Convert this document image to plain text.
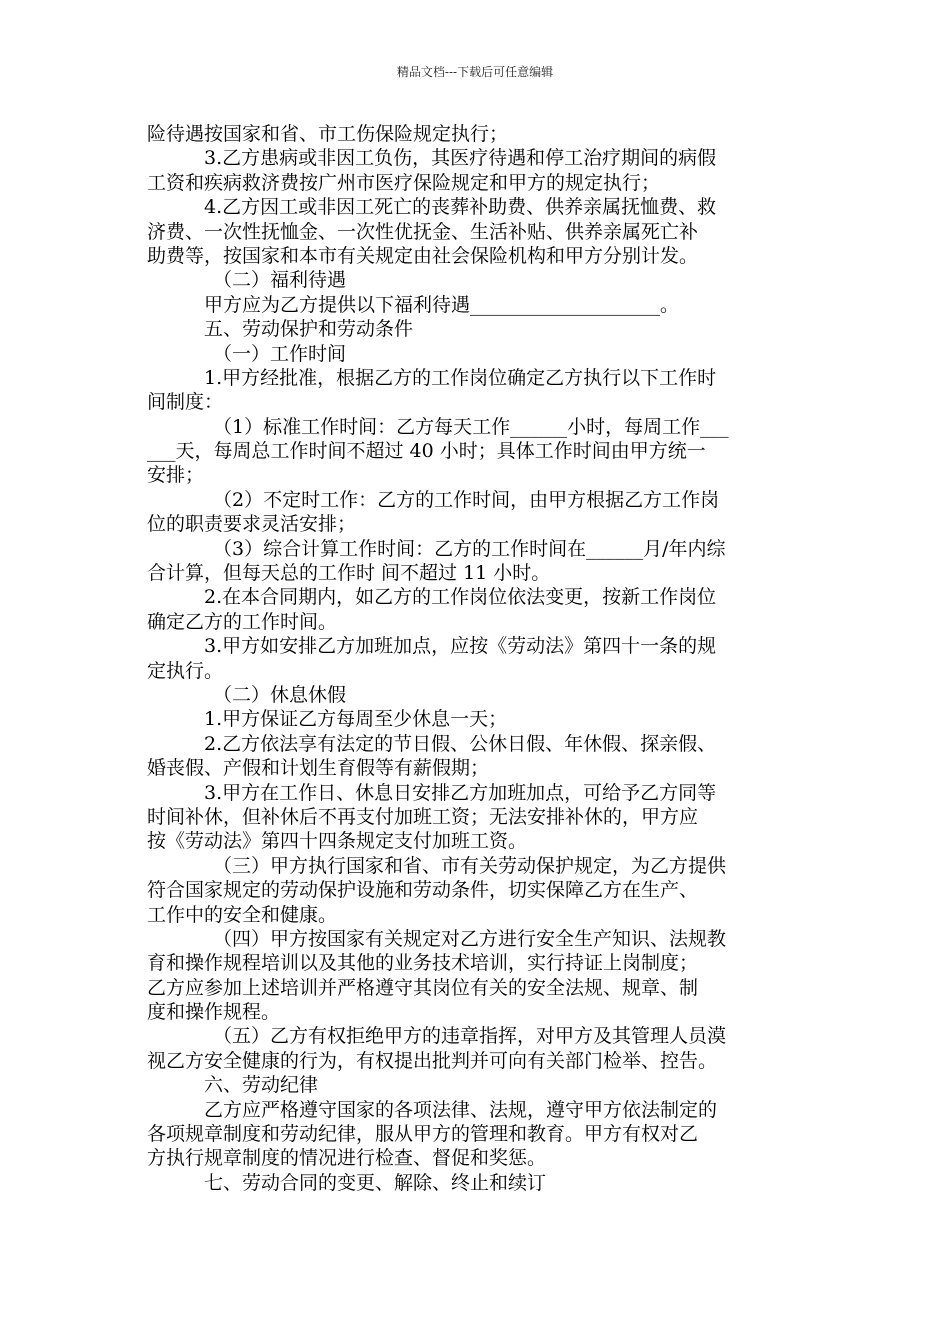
精品文档---下载后可任意编辑
险待遇按国家和省、市工伤保险规定执行；
3.乙方患病或非因工负伤，其医疗待遇和停工治疗期间的病假
工资和疾病救济费按广州市医疗保险规定和甲方的规定执行；
4.乙方因工或非因工死亡的丧葬补助费、供养亲属抚恤费、救
济费、一次性抚恤金、一次性优抚金、生活补贴、供养亲属死亡补
助费等，按国家和本市有关规定由社会保险机构和甲方分别计发。
（二）福利待遇
甲方应为乙方提供以下福利待遇____________________。
五、劳动保护和劳动条件
（一）工作时间
1.甲方经批准，根据乙方的工作岗位确定乙方执行以下工作时
间制度：
（1）标准工作时间：乙方每天工作______小时，每周工作___
___天，每周总工作时间不超过 40 小时；具体工作时间由甲方统一
安排；
（2）不定时工作：乙方的工作时间，由甲方根据乙方工作岗
位的职责要求灵活安排；
（3）综合计算工作时间：乙方的工作时间在______月/年内综
合计算，但每天总的工作时 间不超过 11 小时。
2.在本合同期内，如乙方的工作岗位依法变更，按新工作岗位
确定乙方的工作时间。
3.甲方如安排乙方加班加点，应按《劳动法》第四十一条的规
定执行。
（二）休息休假
1.甲方保证乙方每周至少休息一天；
2.乙方依法享有法定的节日假、公休日假、年休假、探亲假、
婚丧假、产假和计划生育假等有薪假期；
3.甲方在工作日、休息日安排乙方加班加点，可给予乙方同等
时间补休，但补休后不再支付加班工资；无法安排补休的，甲方应
按《劳动法》第四十四条规定支付加班工资。
（三）甲方执行国家和省、市有关劳动保护规定，为乙方提供
符合国家规定的劳动保护设施和劳动条件，切实保障乙方在生产、
工作中的安全和健康。
（四）甲方按国家有关规定对乙方进行安全生产知识、法规教
育和操作规程培训以及其他的业务技术培训，实行持证上岗制度；
乙方应参加上述培训并严格遵守其岗位有关的安全法规、规章、制
度和操作规程。
（五）乙方有权拒绝甲方的违章指挥，对甲方及其管理人员漠
视乙方安全健康的行为，有权提出批判并可向有关部门检举、控告。
六、劳动纪律
乙方应严格遵守国家的各项法律、法规，遵守甲方依法制定的
各项规章制度和劳动纪律，服从甲方的管理和教育。甲方有权对乙
方执行规章制度的情况进行检查、督促和奖惩。
七、劳动合同的变更、解除、终止和续订
